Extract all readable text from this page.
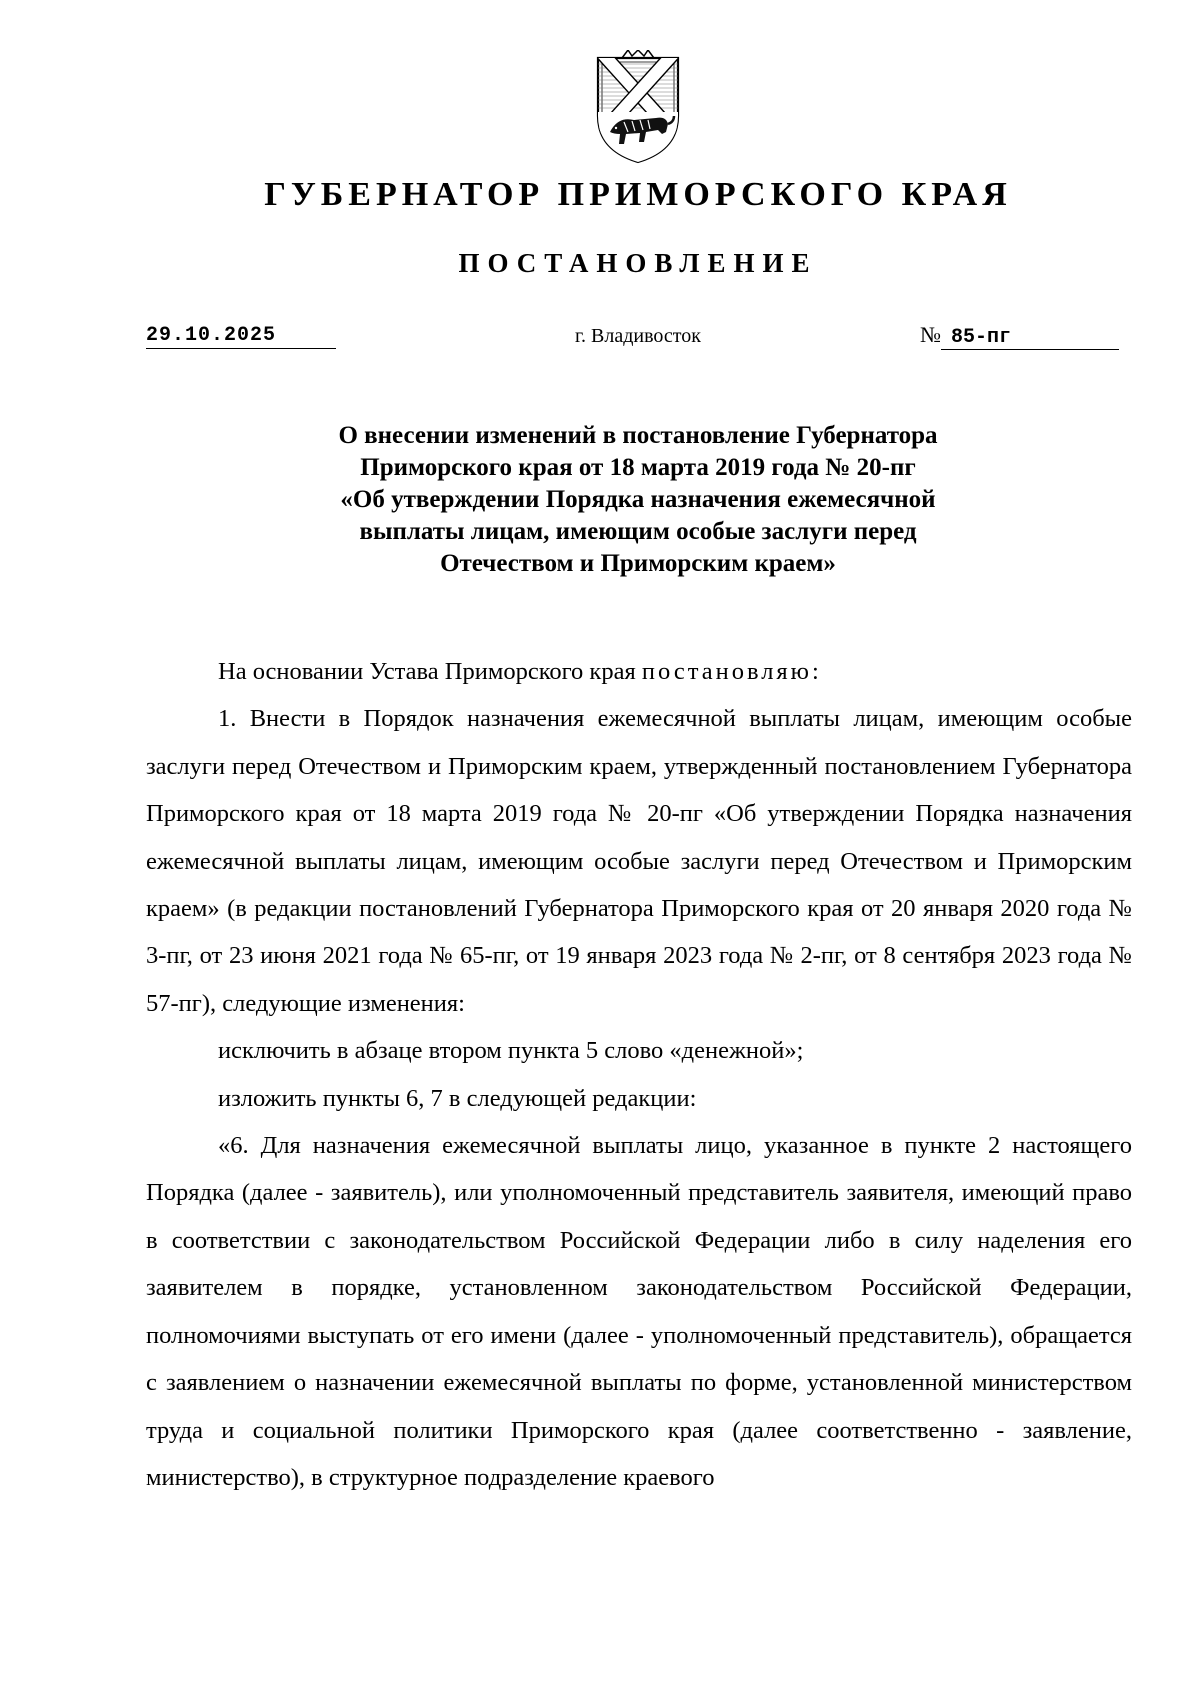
ГУБЕРНАТОР ПРИМОРСКОГО КРАЯ
ПОСТАНОВЛЕНИЕ
29.10.2025	г. Владивосток	№ 85-пг
О внесении изменений в постановление Губернатора
Приморского края от 18 марта 2019 года № 20-пг
«Об утверждении Порядка назначения ежемесячной
выплаты лицам, имеющим особые заслуги перед
Отечеством и Приморским краем»

На основании Устава Приморского края постановляю:

1. Внести в Порядок назначения ежемесячной выплаты лицам, имеющим особые заслуги перед Отечеством и Приморским краем, утвержденный постановлением Губернатора Приморского края от 18 марта 2019 года № 20-пг «Об утверждении Порядка назначения ежемесячной выплаты лицам, имеющим особые заслуги перед Отечеством и Приморским краем» (в редакции постановлений Губернатора Приморского края от 20 января 2020 года № 3-пг, от 23 июня 2021 года № 65-пг, от 19 января 2023 года № 2-пг, от 8 сентября 2023 года № 57-пг), следующие изменения:

исключить в абзаце втором пункта 5 слово «денежной»;

изложить пункты 6, 7 в следующей редакции:

«6. Для назначения ежемесячной выплаты лицо, указанное в пункте 2 настоящего Порядка (далее - заявитель), или уполномоченный представитель заявителя, имеющий право в соответствии с законодательством Российской Федерации либо в силу наделения его заявителем в порядке, установленном законодательством Российской Федерации, полномочиями выступать от его имени (далее - уполномоченный представитель), обращается с заявлением о назначении ежемесячной выплаты по форме, установленной министерством труда и социальной политики Приморского края (далее соответственно - заявление, министерство), в структурное подразделение краевого
